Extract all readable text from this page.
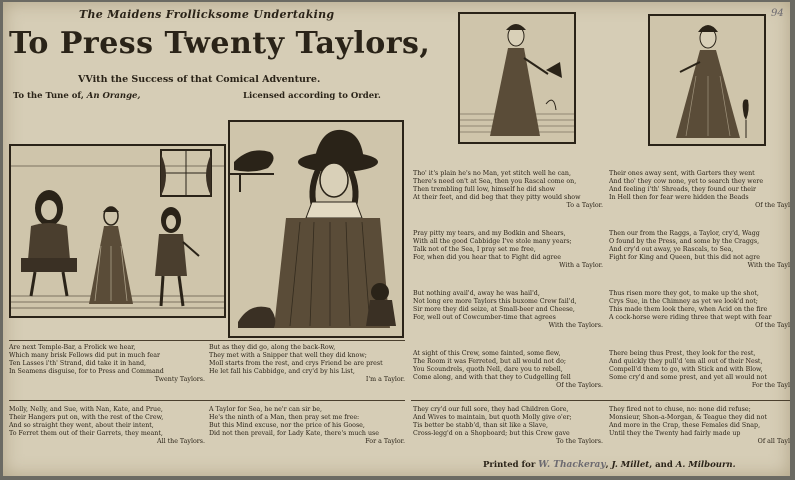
The Maidens Frollicksome Undertaking
To Press Twenty Taylors,
VVith the Success of that Comical Adventure.
To the Tune of, An Orange,	Licensed according to Order.
Are next Temple-Bar, a Frolick we hear,
Which many brisk Fellows did put in much fear
Ten Lasses i'th' Strand, did take it in hand,
In Seamens disguise, for to Press and Command
Twenty Taylors.
Molly, Nelly, and Sue, with Nan, Kate, and Prue,
Their Hangers put on, with the rest of the Crew,
And so straight they went, about their intent,
To Ferret them out of their Garrets, they meant,
All the Taylors.
But as they did go, along the back-Row,
They met with a Snipper that well they did know;
Moll starts from the rest, and crys Friend be are prest
He let fall his Cabbidge, and cry'd by his List,
I'm a Taylor.
A Taylor for Sea, he ne'r can sir be,
He's the ninth of a Man, then pray set me free:
But this Mind excuse, nor the price of his Goose,
Did not then prevail, for Lady Kate, there's much use
For a Taylor.
Tho' it's plain he's no Man, yet stitch well he can,
There's need on't at Sea, then you Rascal come on,
Then trembling full low, himself he did show
At their feet, and did beg that they pitty would show
To a Taylor.
Pray pitty my tears, and my Bodkin and Shears,
With all the good Cabbidge I've stole many years;
Talk not of the Sea, I pray set me free,
For, when did you hear that to Fight did agree
With a Taylor.
But nothing avail'd, away he was hail'd,
Not long ere more Taylors this buxome Crew fail'd,
Sir more they did seize, at Small-beer and Cheese,
For, well out of Cowcumber-time that agrees
With the Taylors.
At sight of this Crew, some fainted, some flew,
The Room it was Ferreted, but all would not do;
You Scoundrels, quoth Nell, dare you to rebell,
Come along, and with that they to Cudgelling fell
Of the Taylors.
They cry'd our full sore, they had Children Gore,
And Wives to maintain, but quoth Molly give o'er;
Tis better be stabb'd, than sit like a Slave,
Cross-legg'd on a Shopboard; but this Crew gave
To the Taylors.
Their ones away sent, with Garters they went
And tho' they cow none, yet to search they were
And feeling i'th' Shreads, they found our their
In Hell then for fear were hidden the Beads
Of the Tayl
Then our from the Raggs, a Taylor, cry'd, Wagg
O found by the Press, and some by the Craggs,
And cry'd out away, ye Rascals, to Sea,
Fight for King and Queen, but this did not agre
With the Tayl
Thus risen more they got, to make up the shot,
Crys Sue, in the Chimney as yet we look'd not;
This made them look there, when Acid on the fire
A cock-horse were riding three that wept with fear
Of the Tayl
There being thus Prest, they look for the rest,
And quickly they pull'd 'em all out of their Nest,
Compell'd them to go, with Stick and with Blow,
Some cry'd and some prest, and yet all would not
For the Tayl
They fired not to chuse, no: none did refuse;
Monsieur, Shon-a-Morgan, & Teague they did not
And more in the Crap, these Females did Snap,
Until they the Twenty had fairly made up
Of all Tayl
Printed for W. Thackeray, J. Millet, and A. Milbourn.
94
